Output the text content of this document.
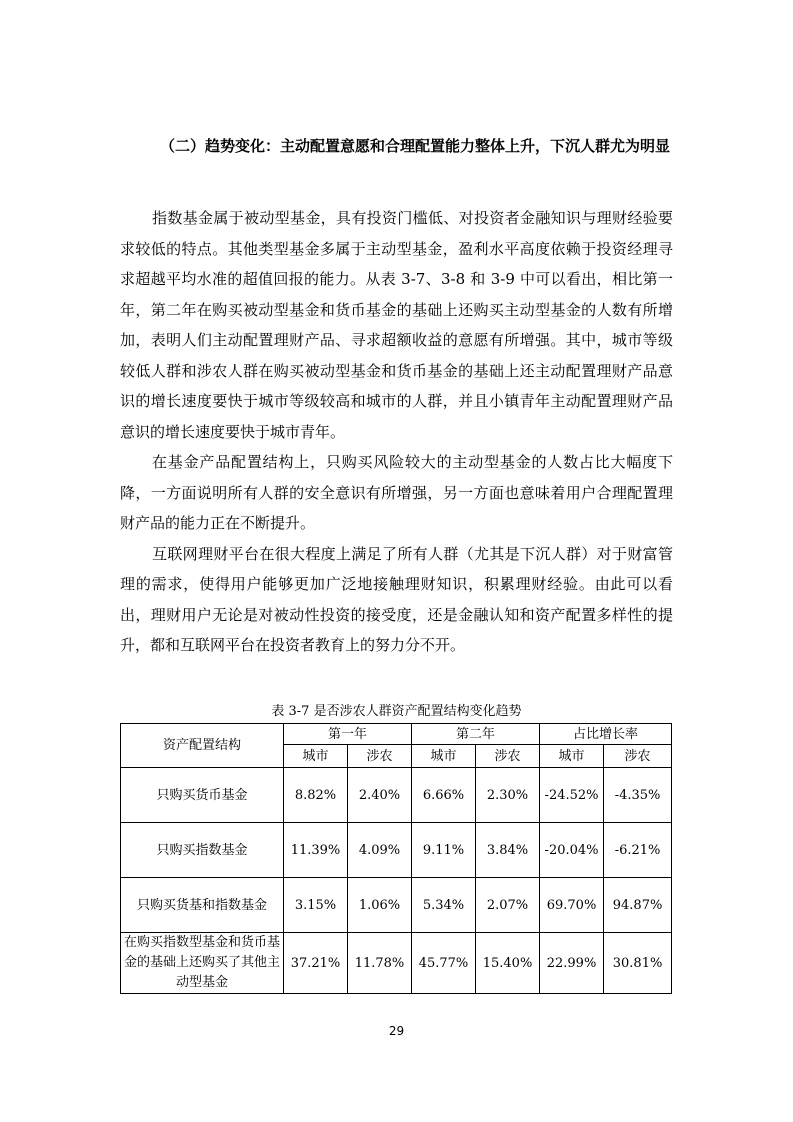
（二）趋势变化：主动配置意愿和合理配置能力整体上升，下沉人群尤为明显

指数基金属于被动型基金，具有投资门槛低、对投资者金融知识与理财经验要求较低的特点。其他类型基金多属于主动型基金，盈利水平高度依赖于投资经理寻求超越平均水准的超值回报的能力。从表 3-7、3-8 和 3-9 中可以看出，相比第一年，第二年在购买被动型基金和货币基金的基础上还购买主动型基金的人数有所增加，表明人们主动配置理财产品、寻求超额收益的意愿有所增强。其中，城市等级较低人群和涉农人群在购买被动型基金和货币基金的基础上还主动配置理财产品意识的增长速度要快于城市等级较高和城市的人群，并且小镇青年主动配置理财产品意识的增长速度要快于城市青年。

在基金产品配置结构上，只购买风险较大的主动型基金的人数占比大幅度下降，一方面说明所有人群的安全意识有所增强，另一方面也意味着用户合理配置理财产品的能力正在不断提升。

互联网理财平台在很大程度上满足了所有人群（尤其是下沉人群）对于财富管理的需求，使得用户能够更加广泛地接触理财知识，积累理财经验。由此可以看出，理财用户无论是对被动性投资的接受度，还是金融认知和资产配置多样性的提升，都和互联网平台在投资者教育上的努力分不开。

表 3-7 是否涉农人群资产配置结构变化趋势
资产配置结构	第一年		第二年		占比增长率	
	城市	涉农	城市	涉农	城市	涉农
只购买货币基金	8.82%	2.40%	6.66%	2.30%	-24.52%	-4.35%
只购买指数基金	11.39%	4.09%	9.11%	3.84%	-20.04%	-6.21%
只购买货基和指数基金	3.15%	1.06%	5.34%	2.07%	69.70%	94.87%
在购买指数型基金和货币基金的基础上还购买了其他主动型基金	37.21%	11.78%	45.77%	15.40%	22.99%	30.81%
29
